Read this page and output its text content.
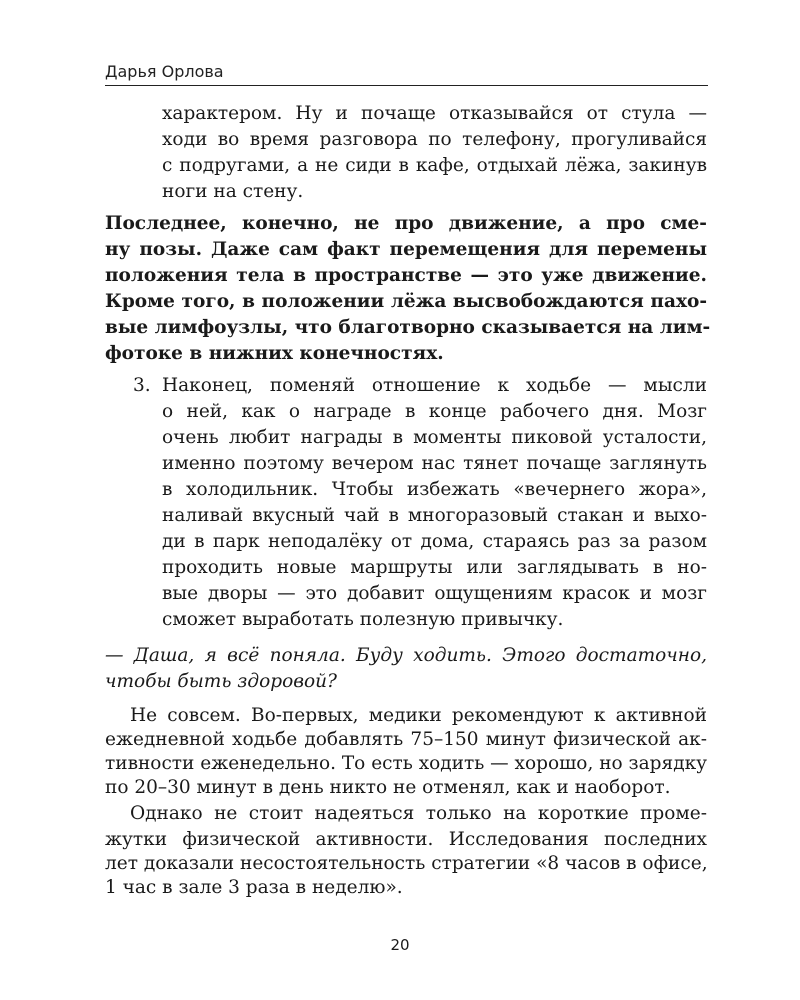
Дарья Орлова
характером. Ну и почаще отказывайся от стула —
ходи во время разговора по телефону, прогуливайся
с подругами, а не сиди в кафе, отдыхай лёжа, закинув
ноги на стену.
Последнее, конечно, не про движение, а про сме-
ну позы. Даже сам факт перемещения для перемены
положения тела в пространстве — это уже движение.
Кроме того, в положении лёжа высвобождаются пахо-
вые лимфоузлы, что благотворно сказывается на лим-
фотоке в нижних конечностях.
3. Наконец, поменяй отношение к ходьбе — мысли
о ней, как о награде в конце рабочего дня. Мозг
очень любит награды в моменты пиковой усталости,
именно поэтому вечером нас тянет почаще заглянуть
в холодильник. Чтобы избежать «вечернего жора»,
наливай вкусный чай в многоразовый стакан и выхо-
ди в парк неподалёку от дома, стараясь раз за разом
проходить новые маршруты или заглядывать в но-
вые дворы — это добавит ощущениям красок и мозг
сможет выработать полезную привычку.
— Даша, я всё поняла. Буду ходить. Этого достаточно,
чтобы быть здоровой?
Не совсем. Во-первых, медики рекомендуют к активной
ежедневной ходьбе добавлять 75–150 минут физической ак-
тивности еженедельно. То есть ходить — хорошо, но зарядку
по 20–30 минут в день никто не отменял, как и наоборот.
Однако не стоит надеяться только на короткие проме-
жутки физической активности. Исследования последних
лет доказали несостоятельность стратегии «8 часов в офисе,
1 час в зале 3 раза в неделю».
20
